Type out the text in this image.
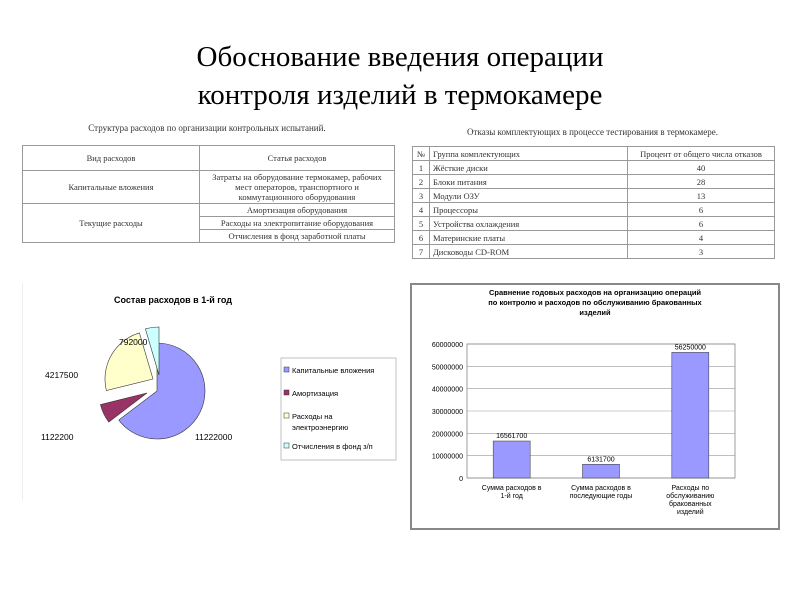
Обоснование введения операции
контроля изделий в термокамере
Структура расходов по организации контрольных испытаний.
Вид расходов	Статья расходов
Капитальные вложения	Затраты на оборудование термокамер, рабочих мест операторов, транспортного и коммутационного оборудования
Текущие расходы	Амортизация оборудования
	Расходы на электропитание оборудования
	Отчисления в фонд заработной платы
Отказы комплектующих в процессе тестирования в термокамере.
№	Группа комплектующих	Процент от общего числа отказов
1	Жёсткие диски	40
2	Блоки питания	28
3	Модули ОЗУ	13
4	Процессоры	6
5	Устройства охлаждения	6
6	Материнские платы	4
7	Дисководы CD-ROM	3
Состав расходов в 1-й год
11222000
1122200
4217500
792000
Капитальные вложения
Амортизация
Расходы на
электроэнергию
Отчисления в фонд з/п
Сравнение годовых расходов на организацию операций
по контролю и расходов по обслуживанию бракованных
изделий
0
10000000
20000000
30000000
40000000
50000000
60000000
16561700
Сумма расходов в
1-й год
6131700
Сумма расходов в
последующие годы
56250000
Расходы по
обслуживанию
бракованных
изделий
